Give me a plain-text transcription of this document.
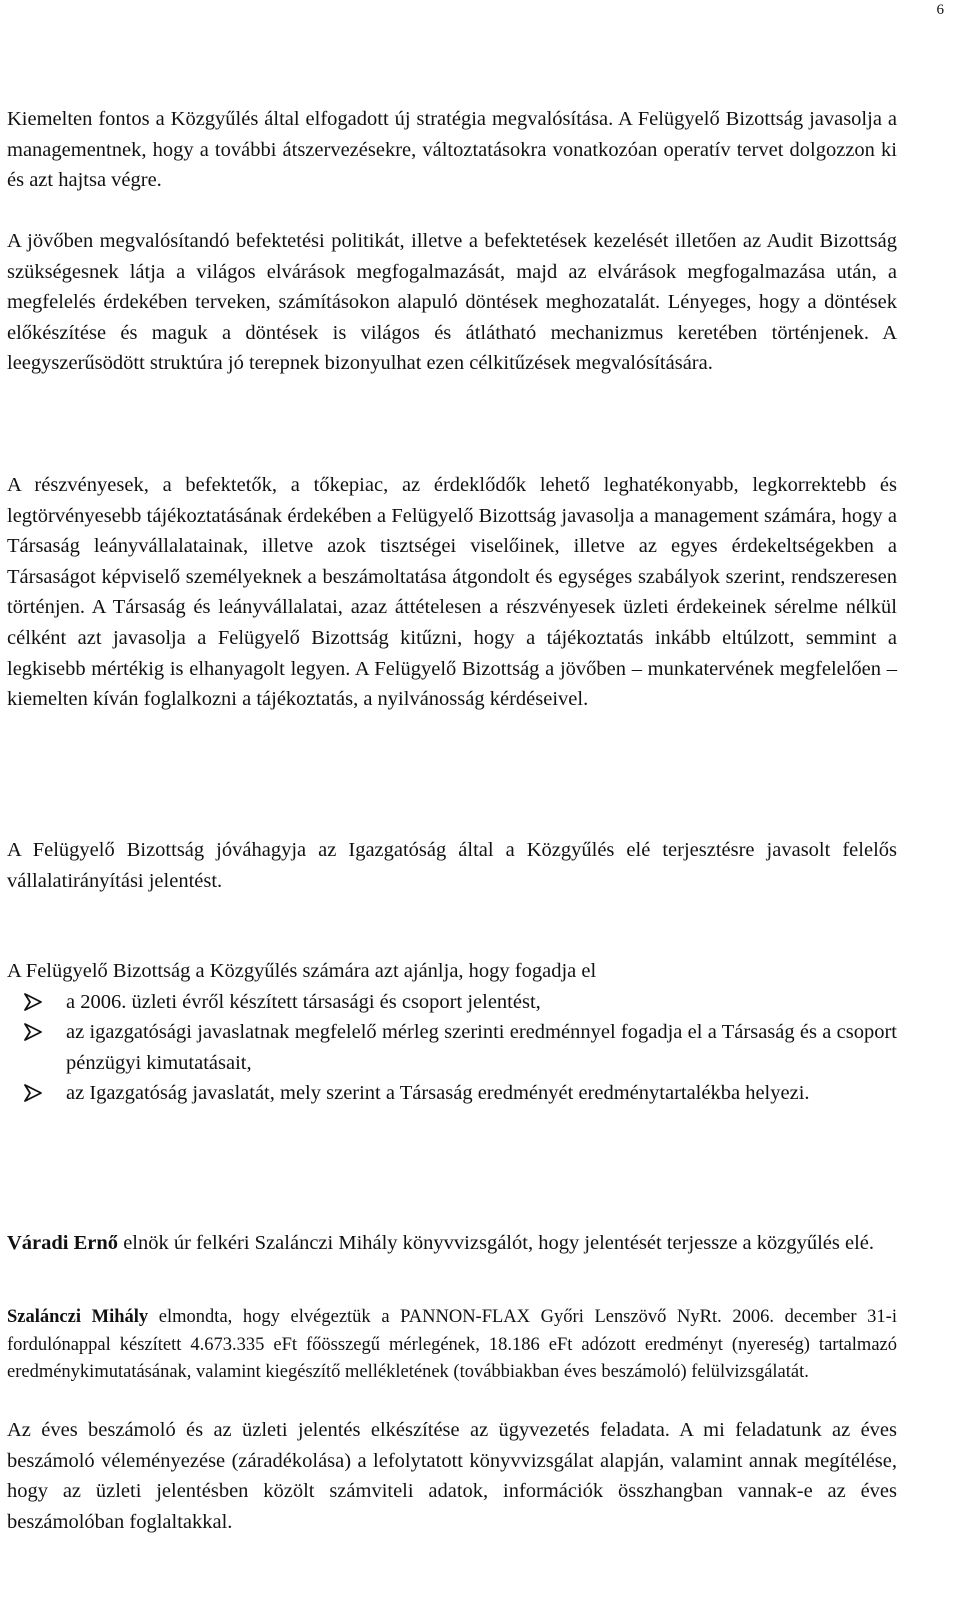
6

Kiemelten fontos a Közgyűlés által elfogadott új stratégia megvalósítása. A Felügyelő Bizottság javasolja a managementnek, hogy a további átszervezésekre, változtatásokra vonatkozóan operatív tervet dolgozzon ki és azt hajtsa végre.

A jövőben megvalósítandó befektetési politikát, illetve a befektetések kezelését illetően az Audit Bizottság szükségesnek látja a világos elvárások megfogalmazását, majd az elvárások megfogalmazása után, a megfelelés érdekében terveken, számításokon alapuló döntések meghozatalát. Lényeges, hogy a döntések előkészítése és maguk a döntések is világos és átlátható mechanizmus keretében történjenek. A leegyszerűsödött struktúra jó terepnek bizonyulhat ezen célkitűzések megvalósítására.

A részvényesek, a befektetők, a tőkepiac, az érdeklődők lehető leghatékonyabb, legkorrektebb és legtörvényesebb tájékoztatásának érdekében a Felügyelő Bizottság javasolja a management számára, hogy a Társaság leányvállalatainak, illetve azok tisztségei viselőinek, illetve az egyes érdekeltségekben a Társaságot képviselő személyeknek a beszámoltatása átgondolt és egységes szabályok szerint, rendszeresen történjen. A Társaság és leányvállalatai, azaz áttételesen a részvényesek üzleti érdekeinek sérelme nélkül célként azt javasolja a Felügyelő Bizottság kitűzni, hogy a tájékoztatás inkább eltúlzott, semmint a legkisebb mértékig is elhanyagolt legyen. A Felügyelő Bizottság a jövőben – munkatervének megfelelően – kiemelten kíván foglalkozni a tájékoztatás, a nyilvánosság kérdéseivel.

A Felügyelő Bizottság jóváhagyja az Igazgatóság által a Közgyűlés elé terjesztésre javasolt felelős vállalatirányítási jelentést.

A Felügyelő Bizottság a Közgyűlés számára azt ajánlja, hogy fogadja el

a 2006. üzleti évről készített társasági és csoport jelentést,
az igazgatósági javaslatnak megfelelő mérleg szerinti eredménnyel fogadja el a Társaság és a csoport pénzügyi kimutatásait,
az Igazgatóság javaslatát, mely szerint a Társaság eredményét eredménytartalékba helyezi.

Váradi Ernő elnök úr felkéri Szalánczi Mihály könyvvizsgálót, hogy jelentését terjessze a közgyűlés elé.

Szalánczi Mihály elmondta, hogy elvégeztük a PANNON-FLAX Győri Lenszövő NyRt. 2006. december 31-i fordulónappal készített 4.673.335 eFt főösszegű mérlegének, 18.186 eFt adózott eredményt (nyereség) tartalmazó eredménykimutatásának, valamint kiegészítő mellékletének (továbbiakban éves beszámoló) felülvizsgálatát.

Az éves beszámoló és az üzleti jelentés elkészítése az ügyvezetés feladata. A mi feladatunk az éves beszámoló véleményezése (záradékolása) a lefolytatott könyvvizsgálat alapján, valamint annak megítélése, hogy az üzleti jelentésben közölt számviteli adatok, információk összhangban vannak-e az éves beszámolóban foglaltakkal.
